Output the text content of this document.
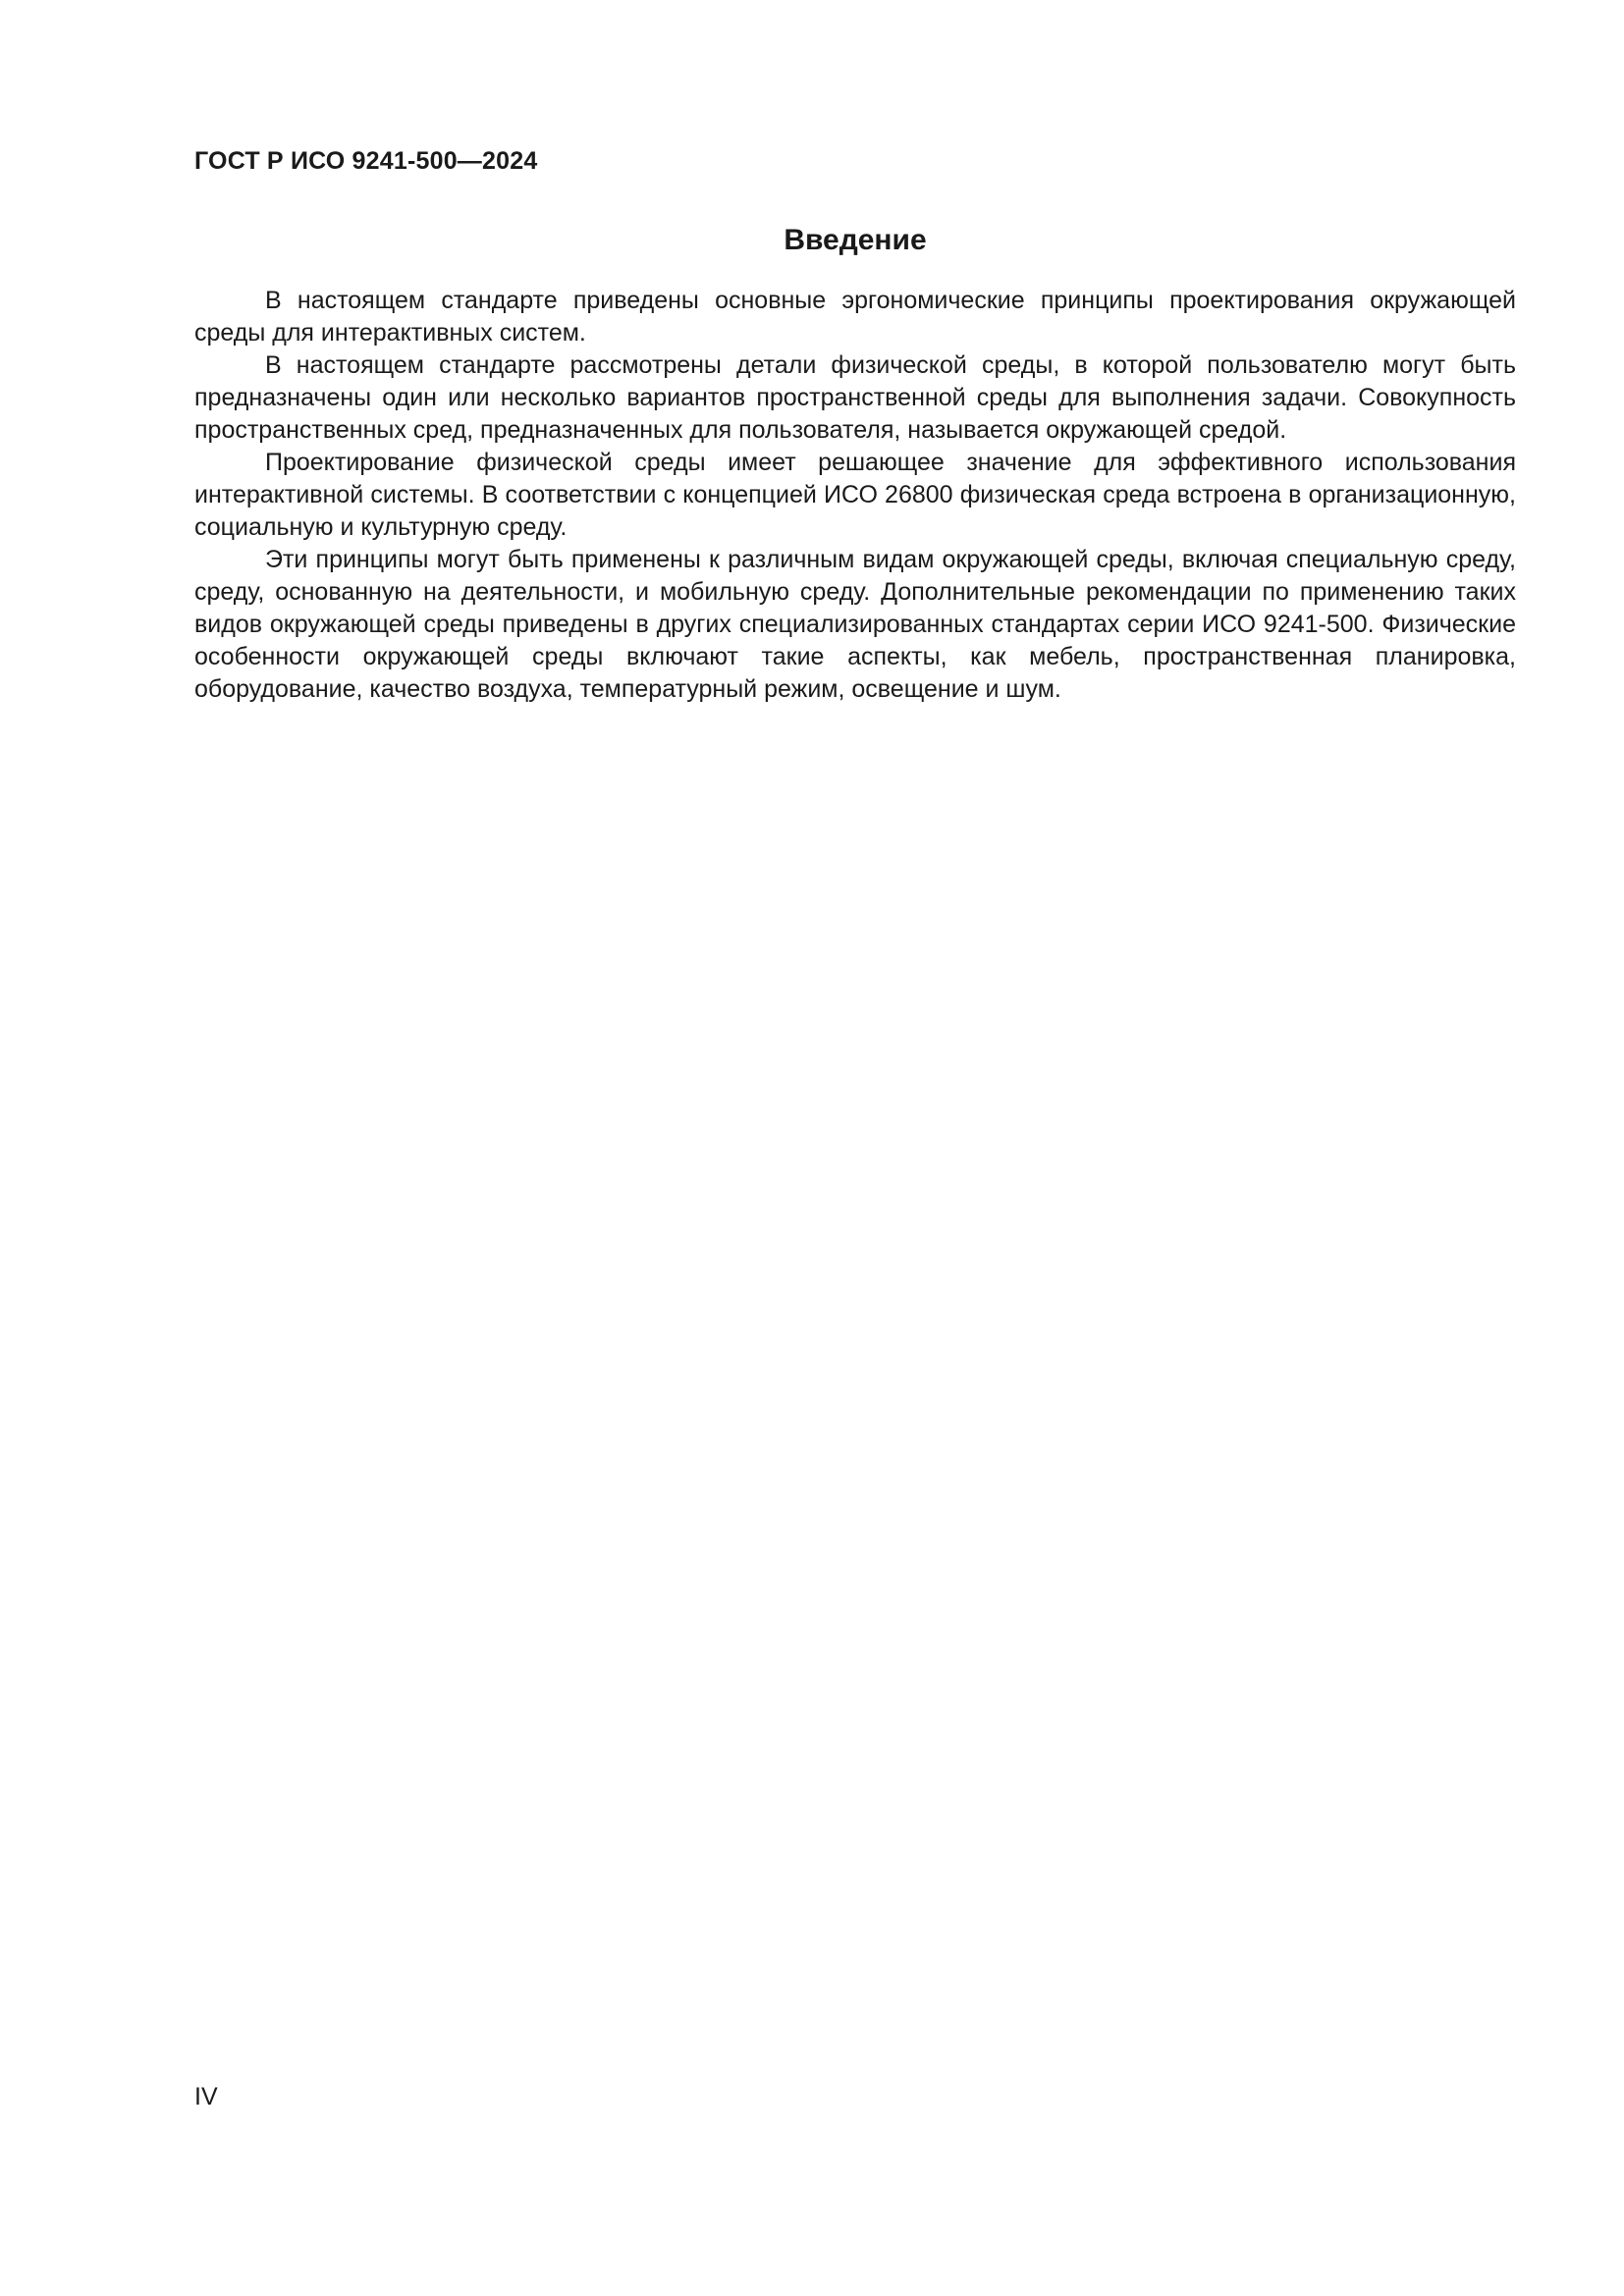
ГОСТ Р ИСО 9241-500—2024
Введение

В настоящем стандарте приведены основные эргономические принципы проектирования окружающей среды для интерактивных систем.

В настоящем стандарте рассмотрены детали физической среды, в которой пользователю могут быть предназначены один или несколько вариантов пространственной среды для выполнения задачи. Совокупность пространственных сред, предназначенных для пользователя, называется окружающей средой.

Проектирование физической среды имеет решающее значение для эффективного использования интерактивной системы. В соответствии с концепцией ИСО 26800 физическая среда встроена в организационную, социальную и культурную среду.

Эти принципы могут быть применены к различным видам окружающей среды, включая специальную среду, среду, основанную на деятельности, и мобильную среду. Дополнительные рекомендации по применению таких видов окружающей среды приведены в других специализированных стандартах серии ИСО 9241-500. Физические особенности окружающей среды включают такие аспекты, как мебель, пространственная планировка, оборудование, качество воздуха, температурный режим, освещение и шум.

IV
